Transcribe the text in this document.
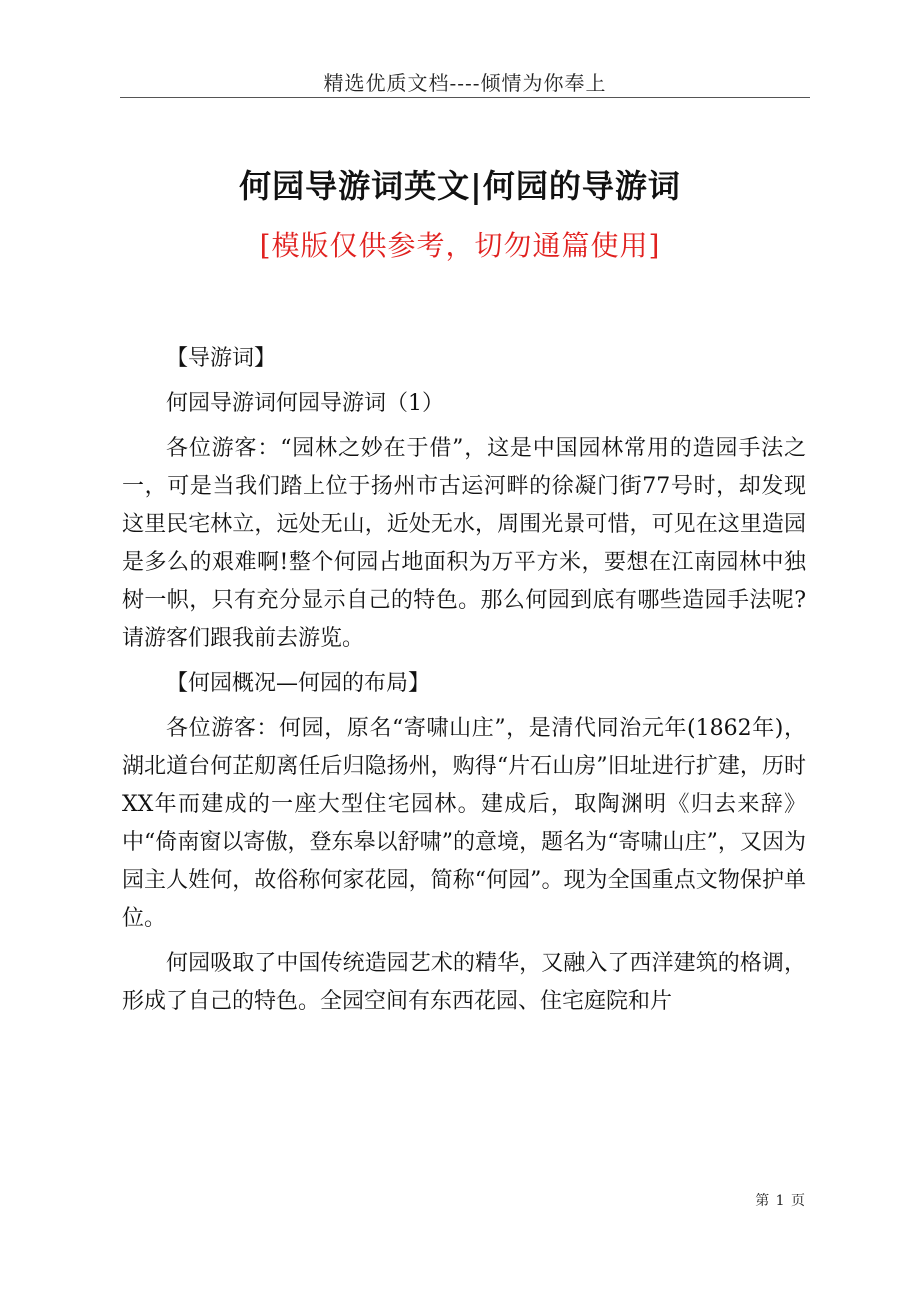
精选优质文档----倾情为你奉上
何园导游词英文|何园的导游词
[模版仅供参考，切勿通篇使用]

【导游词】

何园导游词何园导游词（1）

各位游客：“园林之妙在于借”，这是中国园林常用的造园手法之一，可是当我们踏上位于扬州市古运河畔的徐凝门街77号时，却发现这里民宅林立，远处无山，近处无水，周围光景可惜，可见在这里造园是多么的艰难啊!整个何园占地面积为万平方米，要想在江南园林中独树一帜，只有充分显示自己的特色。那么何园到底有哪些造园手法呢?请游客们跟我前去游览。

【何园概况—何园的布局】

各位游客：何园，原名“寄啸山庄”，是清代同治元年(1862年)，湖北道台何芷舠离任后归隐扬州，购得“片石山房”旧址进行扩建，历时XX年而建成的一座大型住宅园林。建成后，取陶渊明《归去来辞》中“倚南窗以寄傲，登东皋以舒啸”的意境，题名为“寄啸山庄”，又因为园主人姓何，故俗称何家花园，简称“何园”。现为全国重点文物保护单位。

何园吸取了中国传统造园艺术的精华，又融入了西洋建筑的格调，形成了自己的特色。全园空间有东西花园、住宅庭院和片

第 1 页
